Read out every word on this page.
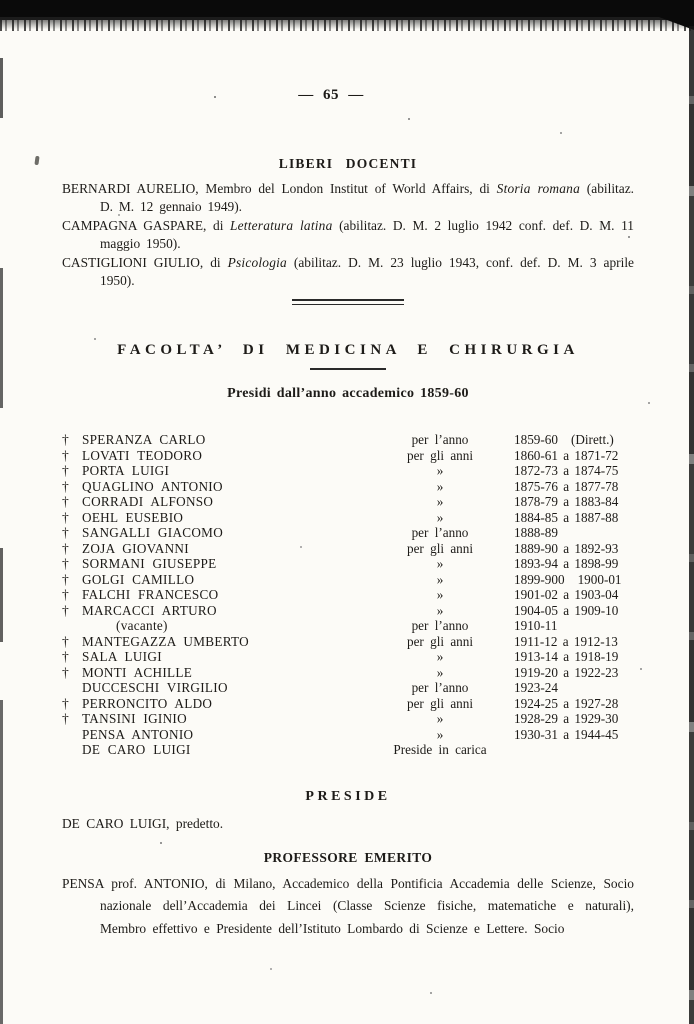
— 65 —

LIBERI DOCENTI

BERNARDI AURELIO, Membro del London Institut of World Affairs, di Storia romana (abilitaz. D. M. 12 gennaio 1949).

CAMPAGNA GASPARE, di Letteratura latina (abilitaz. D. M. 2 luglio 1942 conf. def. D. M. 11 maggio 1950).

CASTIGLIONI GIULIO, di Psicologia (abilitaz. D. M. 23 luglio 1943, conf. def. D. M. 3 aprile 1950).

FACOLTA’ DI MEDICINA E CHIRURGIA
Presidi dall’anno accademico 1859-60
†	SPERANZA CARLO	per l’anno	1859-60 (Dirett.)
†	LOVATI TEODORO	per gli anni	1860-61 a 1871-72
†	PORTA LUIGI	»	1872-73 a 1874-75
†	QUAGLINO ANTONIO	»	1875-76 a 1877-78
†	CORRADI ALFONSO	»	1878-79 a 1883-84
†	OEHL EUSEBIO	»	1884-85 a 1887-88
†	SANGALLI GIACOMO	per l’anno	1888-89
†	ZOJA GIOVANNI	per gli anni	1889-90 a 1892-93
†	SORMANI GIUSEPPE	»	1893-94 a 1898-99
†	GOLGI CAMILLO	»	1899-900 1900-01
†	FALCHI FRANCESCO	»	1901-02 a 1903-04
†	MARCACCI ARTURO	»	1904-05 a 1909-10
(vacante)	per l’anno	1910-11
†	MANTEGAZZA UMBERTO	per gli anni	1911-12 a 1912-13
†	SALA LUIGI	»	1913-14 a 1918-19
†	MONTI ACHILLE	»	1919-20 a 1922-23
DUCCESCHI VIRGILIO	per l’anno	1923-24
†	PERRONCITO ALDO	per gli anni	1924-25 a 1927-28
†	TANSINI IGINIO	»	1928-29 a 1929-30
PENSA ANTONIO	»	1930-31 a 1944-45
DE CARO LUIGI	Preside in carica
PRESIDE

DE CARO LUIGI, predetto.

PROFESSORE EMERITO

PENSA prof. ANTONIO, di Milano, Accademico della Pontificia Accademia delle Scienze, Socio nazionale dell’Accademia dei Lincei (Classe Scienze fisiche, matematiche e naturali), Membro effettivo e Presidente dell’Istituto Lombardo di Scienze e Lettere. Socio
